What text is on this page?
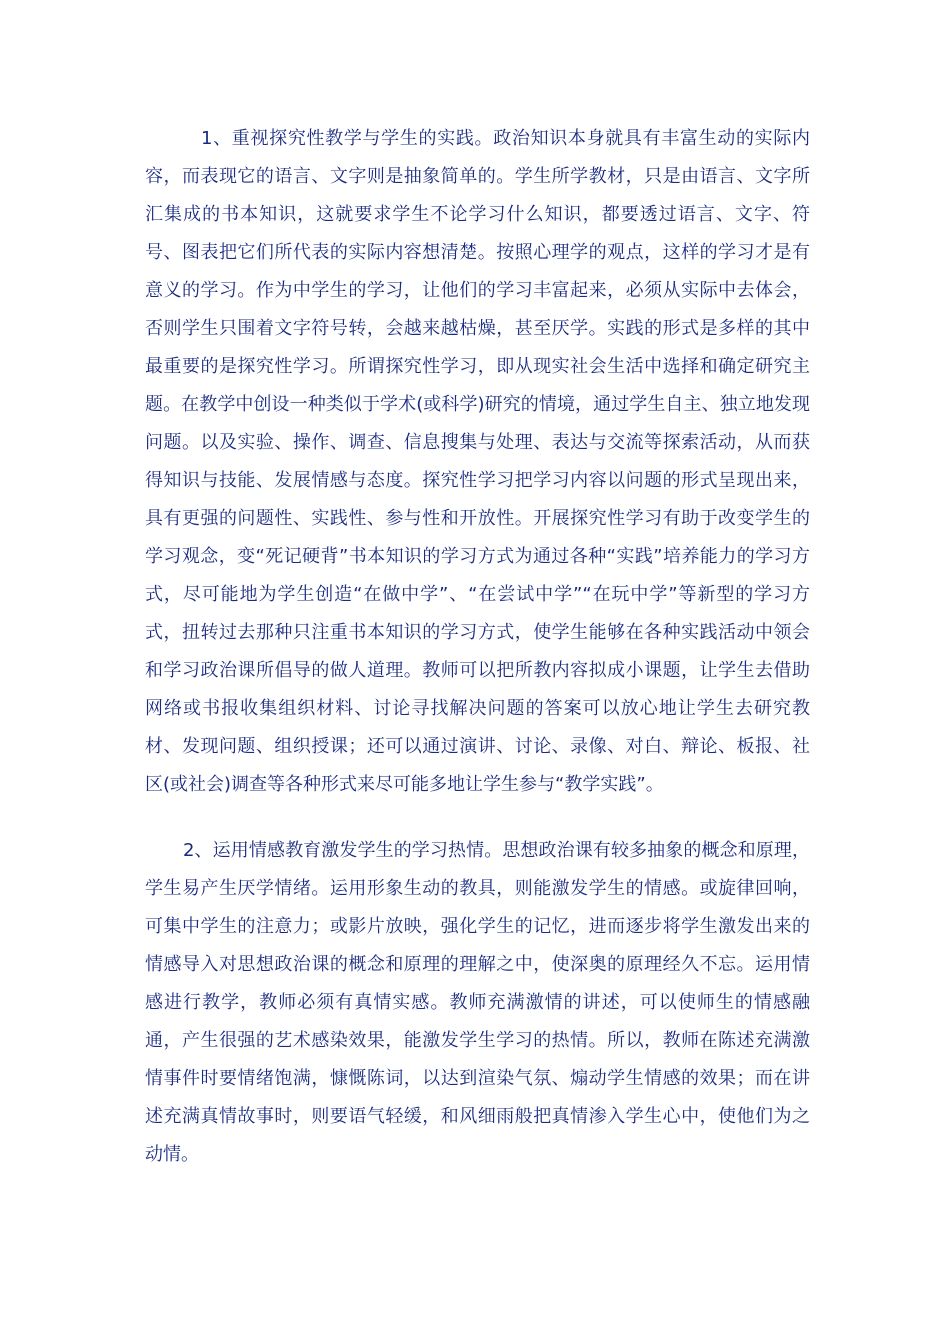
1、重视探究性教学与学生的实践。政治知识本身就具有丰富生动的实际内容，而表现它的语言、文字则是抽象简单的。学生所学教材，只是由语言、文字所汇集成的书本知识，这就要求学生不论学习什么知识，都要透过语言、文字、符号、图表把它们所代表的实际内容想清楚。按照心理学的观点，这样的学习才是有意义的学习。作为中学生的学习，让他们的学习丰富起来，必须从实际中去体会，否则学生只围着文字符号转，会越来越枯燥，甚至厌学。实践的形式是多样的其中最重要的是探究性学习。所谓探究性学习，即从现实社会生活中选择和确定研究主题。在教学中创设一种类似于学术(或科学)研究的情境，通过学生自主、独立地发现问题。以及实验、操作、调查、信息搜集与处理、表达与交流等探索活动，从而获得知识与技能、发展情感与态度。探究性学习把学习内容以问题的形式呈现出来，具有更强的问题性、实践性、参与性和开放性。开展探究性学习有助于改变学生的学习观念，变“死记硬背”书本知识的学习方式为通过各种“实践”培养能力的学习方式，尽可能地为学生创造“在做中学”、“在尝试中学”“在玩中学”等新型的学习方式，扭转过去那种只注重书本知识的学习方式，使学生能够在各种实践活动中领会和学习政治课所倡导的做人道理。教师可以把所教内容拟成小课题，让学生去借助网络或书报收集组织材料、讨论寻找解决问题的答案可以放心地让学生去研究教材、发现问题、组织授课；还可以通过演讲、讨论、录像、对白、辩论、板报、社区(或社会)调查等各种形式来尽可能多地让学生参与“教学实践”。

2、运用情感教育激发学生的学习热情。思想政治课有较多抽象的概念和原理，学生易产生厌学情绪。运用形象生动的教具，则能激发学生的情感。或旋律回响，可集中学生的注意力；或影片放映，强化学生的记忆，进而逐步将学生激发出来的情感导入对思想政治课的概念和原理的理解之中，使深奥的原理经久不忘。运用情感进行教学，教师必须有真情实感。教师充满激情的讲述，可以使师生的情感融通，产生很强的艺术感染效果，能激发学生学习的热情。所以，教师在陈述充满激情事件时要情绪饱满，慷慨陈词，以达到渲染气氛、煽动学生情感的效果；而在讲述充满真情故事时，则要语气轻缓，和风细雨般把真情渗入学生心中，使他们为之动情。
